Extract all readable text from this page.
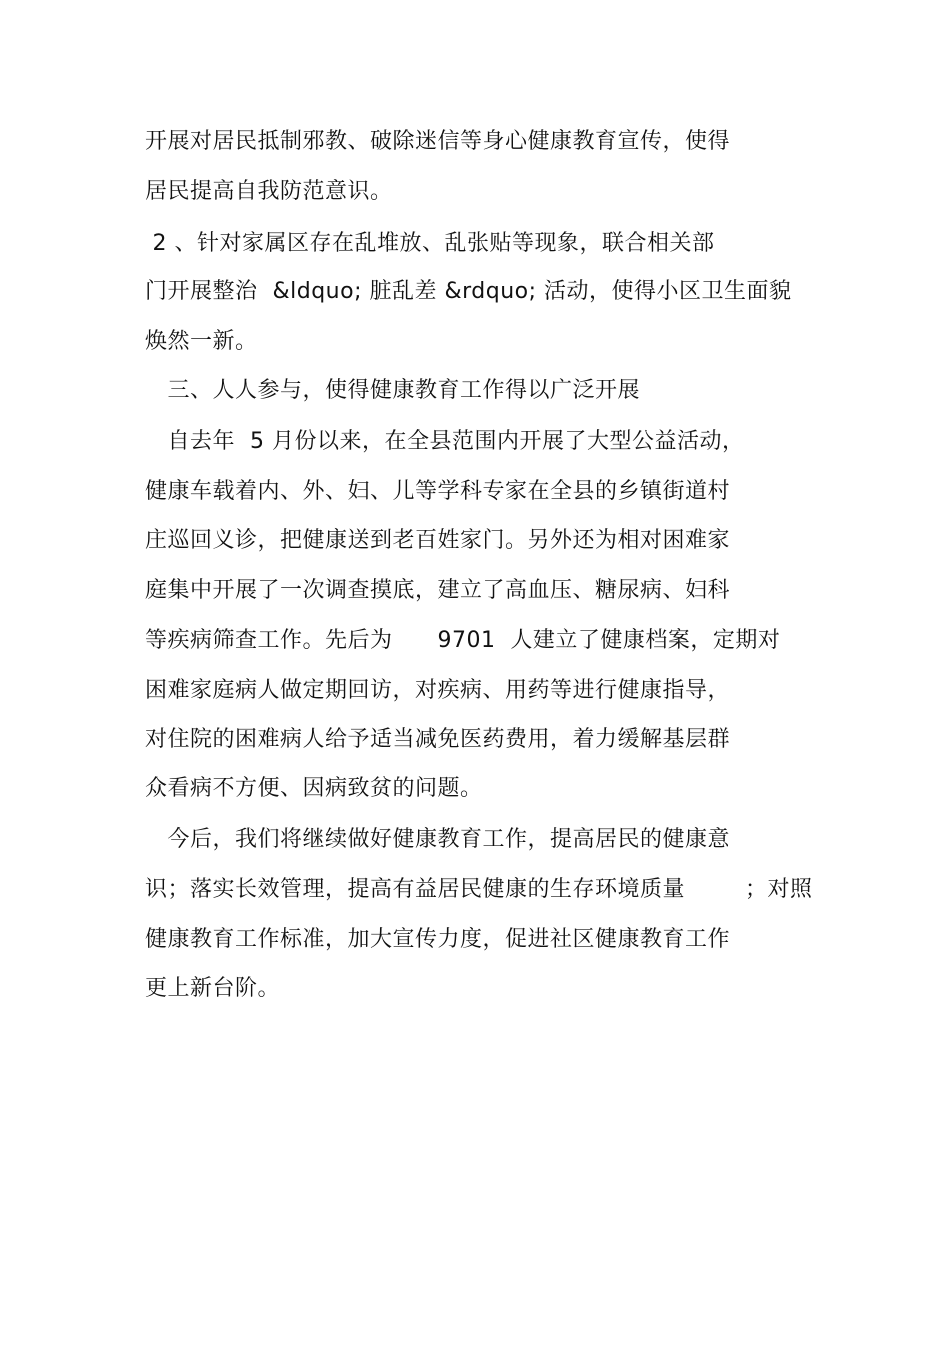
开展对居民抵制邪教、破除迷信等身心健康教育宣传，使得
居民提高自我防范意识。
2 、针对家属区存在乱堆放、乱张贴等现象，联合相关部
门开展整治  &ldquo; 脏乱差 &rdquo; 活动，使得小区卫生面貌
焕然一新。
三、人人参与，使得健康教育工作得以广泛开展
自去年  5 月份以来，在全县范围内开展了大型公益活动，
健康车载着内、外、妇、儿等学科专家在全县的乡镇街道村
庄巡回义诊，把健康送到老百姓家门。另外还为相对困难家
庭集中开展了一次调查摸底，建立了高血压、糖尿病、妇科
等疾病筛查工作。先后为      9701  人建立了健康档案，定期对
困难家庭病人做定期回访，对疾病、用药等进行健康指导，
对住院的困难病人给予适当减免医药费用，着力缓解基层群
众看病不方便、因病致贫的问题。
今后，我们将继续做好健康教育工作，提高居民的健康意
识；落实长效管理，提高有益居民健康的生存环境质量        ；对照
健康教育工作标准，加大宣传力度，促进社区健康教育工作
更上新台阶。
